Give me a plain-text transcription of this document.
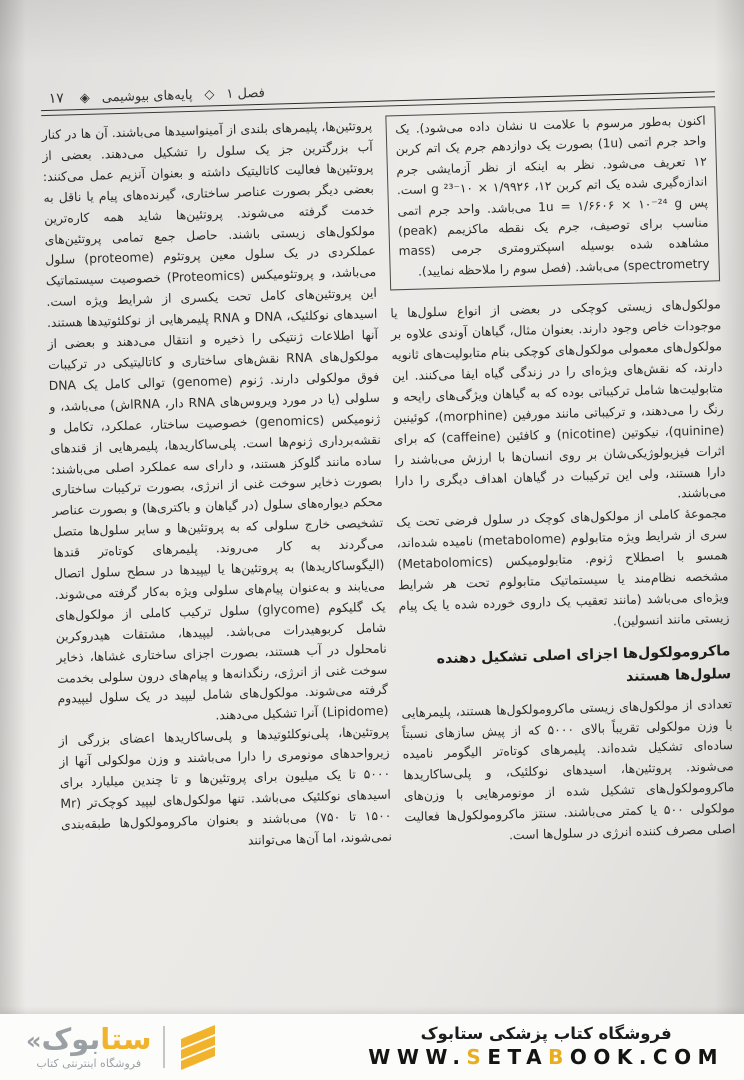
فصل ۱
◇
پایه‌های بیوشیمی
◈
۱۷

اکنون به‌طور مرسوم با علامت u نشان داده می‌شود). یک واحد جرم اتمی (1u) بصورت یک دوازدهم جرم یک اتم کربن ۱۲ تعریف می‌شود. نظر به اینکه از نظر آزمایشی جرم اندازه‌گیری شده یک اتم کربن ۱۲، ۱/۹۹۲۶ × ۱۰⁻²³ g است. پس 1u = ۱/۶۶۰۶ × ۱۰⁻²⁴ g می‌باشد. واحد جرم اتمی مناسب برای توصیف، جرم یک نقطه ماکزیمم (peak) مشاهده شده بوسیله اسپکترومتری جرمی (mass spectrometry) می‌باشد. (فصل سوم را ملاحظه نمایید).

مولکول‌های زیستی کوچکی در بعضی از انواع سلول‌ها یا موجودات خاص وجود دارند. بعنوان مثال، گیاهان آوندی علاوه بر مولکول‌های معمولی مولکول‌های کوچکی بنام متابولیت‌های ثانویه دارند، که نقش‌های ویژه‌ای را در زندگی گیاه ایفا می‌کنند. این متابولیت‌ها شامل ترکیباتی بوده که به گیاهان ویژگی‌های رایحه و رنگ را می‌دهند، و ترکیباتی مانند مورفین (morphine)، کوئینین (quinine)، نیکوتین (nicotine) و کافئین (caffeine) که برای اثرات فیزیولوژیکی‌شان بر روی انسان‌ها با ارزش می‌باشند را دارا هستند، ولی این ترکیبات در گیاهان اهداف دیگری را دارا می‌باشند.

مجموعهٔ کاملی از مولکول‌های کوچک در سلول فرضی تحت یک سری از شرایط ویژه متابولوم (metabolome) نامیده شده‌اند، همسو با اصطلاح ژنوم. متابولومیکس (Metabolomics) مشخصه نظام‌مند یا سیستماتیک متابولوم تحت هر شرایط ویژه‌ای می‌باشد (مانند تعقیب یک داروی خورده شده یا یک پیام زیستی مانند انسولین).

ماکرومولکول‌ها اجزای اصلی تشکیل دهنده سلول‌ها هستند

تعدادی از مولکول‌های زیستی ماکرومولکول‌ها هستند، پلیمرهایی با وزن مولکولی تقریباً بالای ۵۰۰۰ که از پیش سازهای نسبتاً ساده‌ای تشکیل شده‌اند. پلیمرهای کوتاه‌تر الیگومر نامیده می‌شوند. پروتئین‌ها، اسیدهای نوکلئیک، و پلی‌ساکاریدها ماکرومولکول‌های تشکیل شده از مونومرهایی با وزن‌های مولکولی ۵۰۰ یا کمتر می‌باشند. سنتز ماکرومولکول‌ها فعالیت اصلی مصرف کننده انرژی در سلول‌ها است.

پروتئین‌ها، پلیمرهای بلندی از آمینواسیدها می‌باشند. آن ها در کنار آب بزرگترین جز یک سلول را تشکیل می‌دهند. بعضی از پروتئین‌ها فعالیت کاتالیتیک داشته و بعنوان آنزیم عمل می‌کنند: بعضی دیگر بصورت عناصر ساختاری، گیرنده‌های پیام یا ناقل به خدمت گرفته می‌شوند. پروتئین‌ها شاید همه کاره‌ترین مولکول‌های زیستی باشند. حاصل جمع تمامی پروتئین‌های عملکردی در یک سلول معین پروتئوم (proteome) سلول می‌باشد، و پروتئومیکس (Proteomics) خصوصیت سیستماتیک این پروتئین‌های کامل تحت یکسری از شرایط ویژه است. اسیدهای نوکلئیک، DNA و RNA پلیمرهایی از نوکلئوتیدها هستند. آنها اطلاعات ژنتیکی را ذخیره و انتقال می‌دهند و بعضی از مولکول‌های RNA نقش‌های ساختاری و کاتالیتیکی در ترکیبات فوق مولکولی دارند. ژنوم (genome) توالی کامل یک DNA سلولی (یا در مورد ویروس‌های RNA دار، RNAاش) می‌باشد، و ژنومیکس (genomics) خصوصیت ساختار، عملکرد، تکامل و نقشه‌برداری ژنوم‌ها است. پلی‌ساکاریدها، پلیمرهایی از قندهای ساده مانند گلوکز هستند، و دارای سه عملکرد اصلی می‌باشند: بصورت ذخایر سوخت غنی از انرژی، بصورت ترکیبات ساختاری محکم دیواره‌های سلول (در گیاهان و باکتری‌ها) و بصورت عناصر تشخیصی خارج سلولی که به پروتئین‌ها و سایر سلول‌ها متصل می‌گردند به کار می‌روند. پلیمرهای کوتاه‌تر قندها (الیگوساکاریدها) به پروتئین‌ها یا لیپیدها در سطح سلول اتصال می‌یابند و به‌عنوان پیام‌های سلولی ویژه به‌کار گرفته می‌شوند. یک گلیکوم (glycome) سلول ترکیب کاملی از مولکول‌های شامل کربوهیدرات می‌باشد. لیپیدها، مشتقات هیدروکربن نامحلول در آب هستند، بصورت اجزای ساختاری غشاها، ذخایر سوخت غنی از انرژی، رنگدانه‌ها و پیام‌های درون سلولی بخدمت گرفته می‌شوند. مولکول‌های شامل لیپید در یک سلول لیپیدوم (Lipidome) آنرا تشکیل می‌دهند.

پروتئین‌ها، پلی‌نوکلئوتیدها و پلی‌ساکاریدها اعضای بزرگی از زیرواحدهای مونومری را دارا می‌باشند و وزن مولکولی آنها از ۵۰۰۰ تا یک میلیون برای پروتئین‌ها و تا چندین میلیارد برای اسیدهای نوکلئیک می‌باشد. تنها مولکول‌های لیپید کوچک‌تر (Mr ۱۵۰۰ تا ۷۵۰) می‌باشند و بعنوان ماکرومولکول‌ها طبقه‌بندی نمی‌شوند، اما آن‌ها می‌توانند

ستابوک«
فروشگاه اینترنتی کتاب
فروشگاه کتاب پزشکی ستابوک
WWW.SETABOOK.COM
